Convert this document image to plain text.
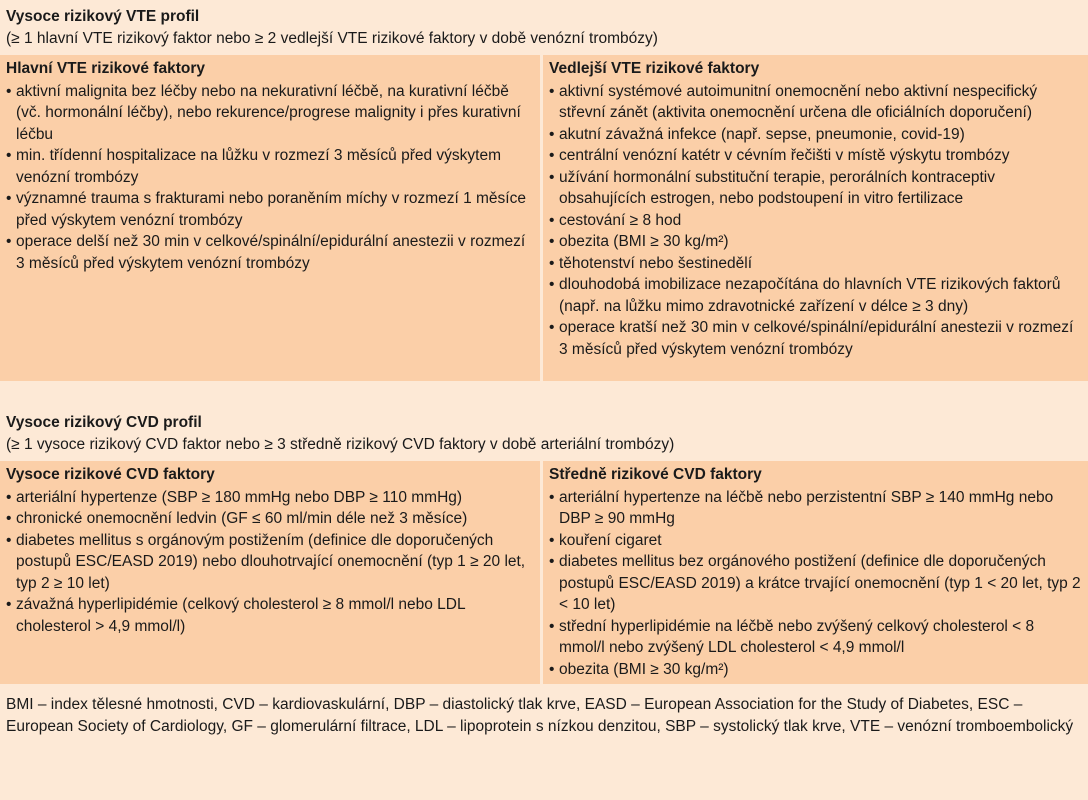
Vysoce rizikový VTE profil
(≥ 1 hlavní VTE rizikový faktor nebo ≥ 2 vedlejší VTE rizikové faktory v době venózní trombózy)
Hlavní VTE rizikové faktory
• aktivní malignita bez léčby nebo na nekurativní léčbě, na kurativní léčbě (vč. hormonální léčby), nebo rekurence/progrese malignity i přes kurativní léčbu
• min. třídenní hospitalizace na lůžku v rozmezí 3 měsíců před výskytem venózní trombózy
• významné trauma s frakturami nebo poraněním míchy v rozmezí 1 měsíce před výskytem venózní trombózy
• operace delší než 30 min v celkové/spinální/epidurální anestezii v rozmezí 3 měsíců před výskytem venózní trombózy
Vedlejší VTE rizikové faktory
• aktivní systémové autoimunitní onemocnění nebo aktivní nespecifický střevní zánět (aktivita onemocnění určena dle oficiálních doporučení)
• akutní závažná infekce (např. sepse, pneumonie, covid-19)
• centrální venózní katétr v cévním řečišti v místě výskytu trombózy
• užívání hormonální substituční terapie, perorálních kontraceptiv obsahujících estrogen, nebo podstoupení in vitro fertilizace
• cestování ≥ 8 hod
• obezita (BMI ≥ 30 kg/m²)
• těhotenství nebo šestinedělí
• dlouhodobá imobilizace nezapočítána do hlavních VTE rizikových faktorů (např. na lůžku mimo zdravotnické zařízení v délce ≥ 3 dny)
• operace kratší než 30 min v celkové/spinální/epidurální anestezii v rozmezí 3 měsíců před výskytem venózní trombózy
Vysoce rizikový CVD profil
(≥ 1 vysoce rizikový CVD faktor nebo ≥ 3 středně rizikový CVD faktory v době arteriální trombózy)
Vysoce rizikové CVD faktory
• arteriální hypertenze (SBP ≥ 180 mmHg nebo DBP ≥ 110 mmHg)
• chronické onemocnění ledvin (GF ≤ 60 ml/min déle než 3 měsíce)
• diabetes mellitus s orgánovým postižením (definice dle doporučených postupů ESC/EASD 2019) nebo dlouhotrvající onemocnění (typ 1 ≥ 20 let, typ 2 ≥ 10 let)
• závažná hyperlipidémie (celkový cholesterol ≥ 8 mmol/l nebo LDL cholesterol > 4,9 mmol/l)
Středně rizikové CVD faktory
• arteriální hypertenze na léčbě nebo perzistentní SBP ≥ 140 mmHg nebo DBP ≥ 90 mmHg
• kouření cigaret
• diabetes mellitus bez orgánového postižení (definice dle doporučených postupů ESC/EASD 2019) a krátce trvající onemocnění (typ 1 < 20 let, typ 2 < 10 let)
• střední hyperlipidémie na léčbě nebo zvýšený celkový cholesterol < 8 mmol/l nebo zvýšený LDL cholesterol < 4,9 mmol/l
• obezita (BMI ≥ 30 kg/m²)
BMI – index tělesné hmotnosti, CVD – kardiovaskulární, DBP – diastolický tlak krve, EASD – European Association for the Study of Diabetes, ESC – European Society of Cardiology, GF – glomerulární filtrace, LDL – lipoprotein s nízkou denzitou, SBP – systolický tlak krve, VTE – venózní tromboembolický
